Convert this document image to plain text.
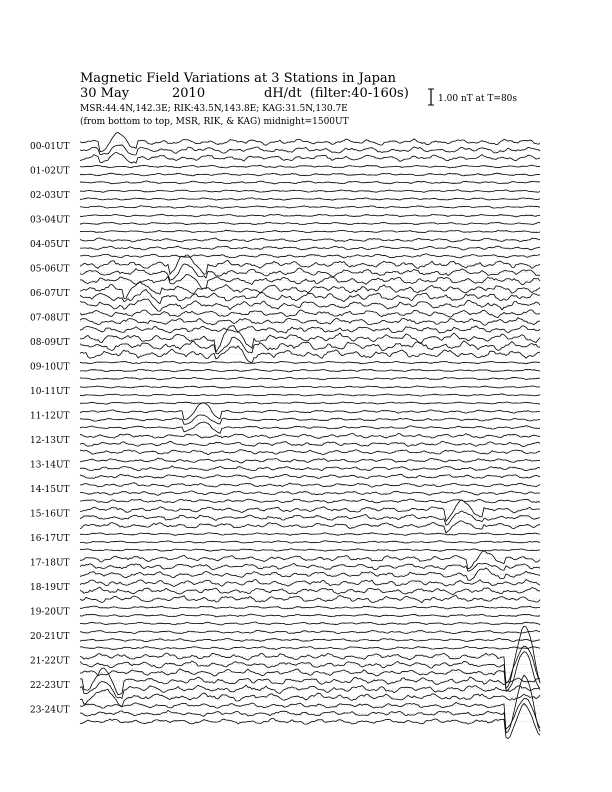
Magnetic Field Variations at 3 Stations in Japan
30 May	2010	dH/dt (filter:40-160s)
MSR:44.4N,142.3E; RIK:43.5N,143.8E; KAG:31.5N,130.7E
(from bottom to top, MSR, RIK, & KAG) midnight=1500UT
1.00 nT at T=80s
00-01UT
01-02UT
02-03UT
03-04UT
04-05UT
05-06UT
06-07UT
07-08UT
08-09UT
09-10UT
10-11UT
11-12UT
12-13UT
13-14UT
14-15UT
15-16UT
16-17UT
17-18UT
18-19UT
19-20UT
20-21UT
21-22UT
22-23UT
23-24UT
